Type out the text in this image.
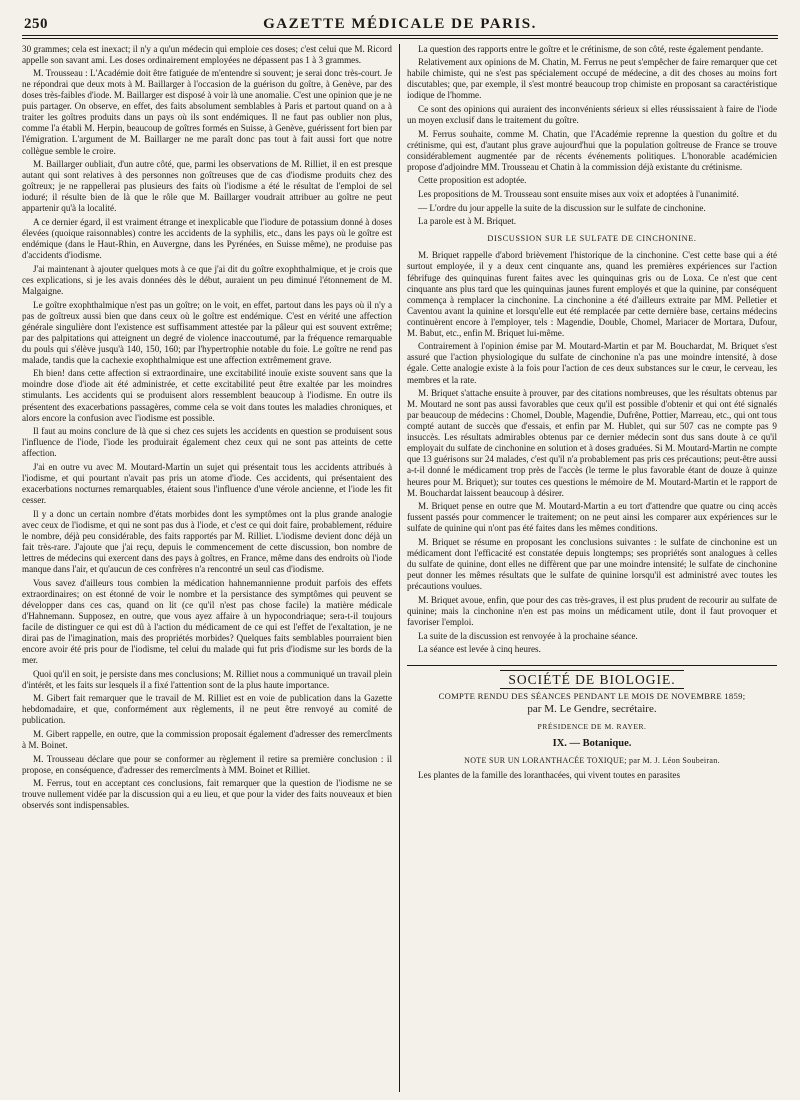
250	GAZETTE MÉDICALE DE PARIS.

30 grammes; cela est inexact; il n'y a qu'un médecin qui emploie ces doses; c'est celui que M. Ricord appelle son savant ami. Les doses ordinairement employées ne dépassent pas 1 à 3 grammes.

M. Trousseau : L'Académie doit être fatiguée de m'entendre si souvent; je serai donc très-court. Je ne répondrai que deux mots à M. Baillarger à l'occasion de la guérison du goître, à Genève, par des doses très-faibles d'iode. M. Baillarger est disposé à voir là une anomalie. C'est une opinion que je ne puis partager. On observe, en effet, des faits absolument semblables à Paris et partout quand on a à traiter les goîtres produits dans un pays où ils sont endémiques. Il ne faut pas oublier non plus, comme l'a établi M. Herpin, beaucoup de goîtres formés en Suisse, à Genève, guérissent fort bien par l'émigration. L'argument de M. Baillarger ne me paraît donc pas tout à fait aussi fort que notre collègue semble le croire.

M. Baillarger oubliait, d'un autre côté, que, parmi les observations de M. Rilliet, il en est presque autant qui sont relatives à des personnes non goîtreuses que de cas d'iodisme produits chez des goîtreux; je ne rappellerai pas plusieurs des faits où l'iodisme a été le résultat de l'emploi de sel ioduré; il résulte bien de là que le rôle que M. Baillarger voudrait attribuer au goître ne peut appartenir qu'à la localité.

A ce dernier égard, il est vraiment étrange et inexplicable que l'iodure de potassium donné à doses élevées (quoique raisonnables) contre les accidents de la syphilis, etc., dans les pays où le goître est endémique (dans le Haut-Rhin, en Auvergne, dans les Pyrénées, en Suisse même), ne produise pas d'accidents d'iodisme.

J'ai maintenant à ajouter quelques mots à ce que j'ai dit du goître exophthalmique, et je crois que ces explications, si je les avais données dès le début, auraient un peu diminué l'étonnement de M. Malgaigne.

Le goître exophthalmique n'est pas un goître; on le voit, en effet, partout dans les pays où il n'y a pas de goîtreux aussi bien que dans ceux où le goître est endémique. C'est en vérité une affection générale singulière dont l'existence est suffisamment attestée par la pâleur qui est souvent extrême; par des palpitations qui atteignent un degré de violence inaccoutumé, par la fréquence remarquable du pouls qui s'élève jusqu'à 140, 150, 160; par l'hypertrophie notable du foie. Le goître ne rend pas malade, tandis que la cachexie exophthalmique est une affection extrêmement grave.

Eh bien! dans cette affection si extraordinaire, une excitabilité inouïe existe souvent sans que la moindre dose d'iode ait été administrée, et cette excitabilité peut être exaltée par les moindres stimulants. Les accidents qui se produisent alors ressemblent beaucoup à l'iodisme. En outre ils présentent des exacerbations passagères, comme cela se voit dans toutes les maladies chroniques, et alors encore la confusion avec l'iodisme est possible.

Il faut au moins conclure de là que si chez ces sujets les accidents en question se produisent sous l'influence de l'iode, l'iode les produirait également chez ceux qui ne sont pas atteints de cette affection.

J'ai en outre vu avec M. Moutard-Martin un sujet qui présentait tous les accidents attribués à l'iodisme, et qui pourtant n'avait pas pris un atome d'iode. Ces accidents, qui présentaient des exacerbations nocturnes remarquables, étaient sous l'influence d'une vérole ancienne, et l'iode les fit cesser.

Il y a donc un certain nombre d'états morbides dont les symptômes ont la plus grande analogie avec ceux de l'iodisme, et qui ne sont pas dus à l'iode, et c'est ce qui doit faire, probablement, réduire le nombre, déjà peu considérable, des faits rapportés par M. Rilliet. L'iodisme devient donc déjà un fait très-rare. J'ajoute que j'ai reçu, depuis le commencement de cette discussion, bon nombre de lettres de médecins qui exercent dans des pays à goîtres, en France, même dans des endroits où l'iode manque dans l'air, et qu'aucun de ces confrères n'a rencontré un seul cas d'iodisme.

Vous savez d'ailleurs tous combien la médication hahnemannienne produit parfois des effets extraordinaires; on est étonné de voir le nombre et la persistance des symptômes qui peuvent se développer dans ces cas, quand on lit (ce qu'il n'est pas chose facile) la matière médicale d'Hahnemann. Supposez, en outre, que vous ayez affaire à un hypocondriaque; sera-t-il toujours facile de distinguer ce qui est dû à l'action du médicament de ce qui est l'effet de l'exaltation, je ne dirai pas de l'imagination, mais des propriétés morbides? Quelques faits semblables pourraient bien encore avoir été pris pour de l'iodisme, tel celui du malade qui fut pris d'iodisme sur les bords de la mer.

Quoi qu'il en soit, je persiste dans mes conclusions; M. Rilliet nous a communiqué un travail plein d'intérêt, et les faits sur lesquels il a fixé l'attention sont de la plus haute importance.

M. Gibert fait remarquer que le travail de M. Rilliet est en voie de publication dans la Gazette hebdomadaire, et que, conformément aux règlements, il ne peut être renvoyé au comité de publication.

M. Gibert rappelle, en outre, que la commission proposait également d'adresser des remercîments à M. Boinet.

M. Trousseau déclare que pour se conformer au règlement il retire sa première conclusion : il propose, en conséquence, d'adresser des remercîments à MM. Boinet et Rilliet.

M. Ferrus, tout en acceptant ces conclusions, fait remarquer que la question de l'iodisme ne se trouve nullement vidée par la discussion qui a eu lieu, et que pour la vider des faits nouveaux et bien observés sont indispensables.

La question des rapports entre le goître et le crétinisme, de son côté, reste également pendante.

Relativement aux opinions de M. Chatin, M. Ferrus ne peut s'empêcher de faire remarquer que cet habile chimiste, qui ne s'est pas spécialement occupé de médecine, a dit des choses au moins fort discutables; que, par exemple, il s'est montré beaucoup trop chimiste en proposant sa caractéristique iodique de l'homme.

Ce sont des opinions qui auraient des inconvénients sérieux si elles réussissaient à faire de l'iode un moyen exclusif dans le traitement du goître.

M. Ferrus souhaite, comme M. Chatin, que l'Académie reprenne la question du goître et du crétinisme, qui est, d'autant plus grave aujourd'hui que la population goîtreuse de France se trouve considérablement augmentée par de récents événements politiques. L'honorable académicien propose d'adjoindre MM. Trousseau et Chatin à la commission déjà existante du crétinisme.

Cette proposition est adoptée.

Les propositions de M. Trousseau sont ensuite mises aux voix et adoptées à l'unanimité.

— L'ordre du jour appelle la suite de la discussion sur le sulfate de cinchonine.

La parole est à M. Briquet.

DISCUSSION SUR LE SULFATE DE CINCHONINE.

M. Briquet rappelle d'abord brièvement l'historique de la cinchonine. C'est cette base qui a été surtout employée, il y a deux cent cinquante ans, quand les premières expériences sur l'action fébrifuge des quinquinas furent faites avec les quinquinas gris ou de Loxa. Ce n'est que cent cinquante ans plus tard que les quinquinas jaunes furent employés et que la quinine, par conséquent commença à remplacer la cinchonine. La cinchonine a été d'ailleurs extraite par MM. Pelletier et Caventou avant la quinine et lorsqu'elle eut été remplacée par cette dernière base, certains médecins continuèrent encore à l'employer, tels : Magendie, Double, Chomel, Mariacer de Mortara, Dufour, M. Babut, etc., enfin M. Briquet lui-même.

Contrairement à l'opinion émise par M. Moutard-Martin et par M. Bouchardat, M. Briquet s'est assuré que l'action physiologique du sulfate de cinchonine n'a pas une moindre intensité, à dose égale. Cette analogie existe à la fois pour l'action de ces deux substances sur le cœur, le cerveau, les membres et la rate.

M. Briquet s'attache ensuite à prouver, par des citations nombreuses, que les résultats obtenus par M. Moutard ne sont pas aussi favorables que ceux qu'il est possible d'obtenir et qui ont été signalés par beaucoup de médecins : Chomel, Double, Magendie, Dufrêne, Pottier, Marreau, etc., qui ont tous compté autant de succès que d'essais, et enfin par M. Hublet, qui sur 507 cas ne compte pas 9 insuccès. Les résultats admirables obtenus par ce dernier médecin sont dus sans doute à ce qu'il employait du sulfate de cinchonine en solution et à doses graduées. Si M. Moutard-Martin ne compte que 13 guérisons sur 24 malades, c'est qu'il n'a probablement pas pris ces précautions; peut-être aussi a-t-il donné le médicament trop près de l'accès (le terme le plus favorable étant de douze à quinze heures pour M. Briquet); sur toutes ces questions le mémoire de M. Moutard-Martin et le rapport de M. Bouchardat laissent beaucoup à désirer.

M. Briquet pense en outre que M. Moutard-Martin a eu tort d'attendre que quatre ou cinq accès fussent passés pour commencer le traitement; on ne peut ainsi les comparer aux expériences sur le sulfate de quinine qui n'ont pas été faites dans les mêmes conditions.

M. Briquet se résume en proposant les conclusions suivantes : le sulfate de cinchonine est un médicament dont l'efficacité est constatée depuis longtemps; ses propriétés sont analogues à celles du sulfate de quinine, dont elles ne diffèrent que par une moindre intensité; le sulfate de cinchonine peut donner les mêmes résultats que le sulfate de quinine lorsqu'il est administré avec toutes les précautions voulues.

M. Briquet avoue, enfin, que pour des cas très-graves, il est plus prudent de recourir au sulfate de quinine; mais la cinchonine n'en est pas moins un médicament utile, dont il faut provoquer et favoriser l'emploi.

La suite de la discussion est renvoyée à la prochaine séance.

La séance est levée à cinq heures.

SOCIÉTÉ DE BIOLOGIE.
COMPTE RENDU DES SÉANCES PENDANT LE MOIS DE NOVEMBRE 1859;
par M. Le Gendre, secrétaire.
PRÉSIDENCE DE M. RAYER.
IX. — Botanique.
NOTE SUR UN LORANTHACÉE TOXIQUE; par M. J. Léon Soubeiran.

Les plantes de la famille des loranthacées, qui vivent toutes en parasites
